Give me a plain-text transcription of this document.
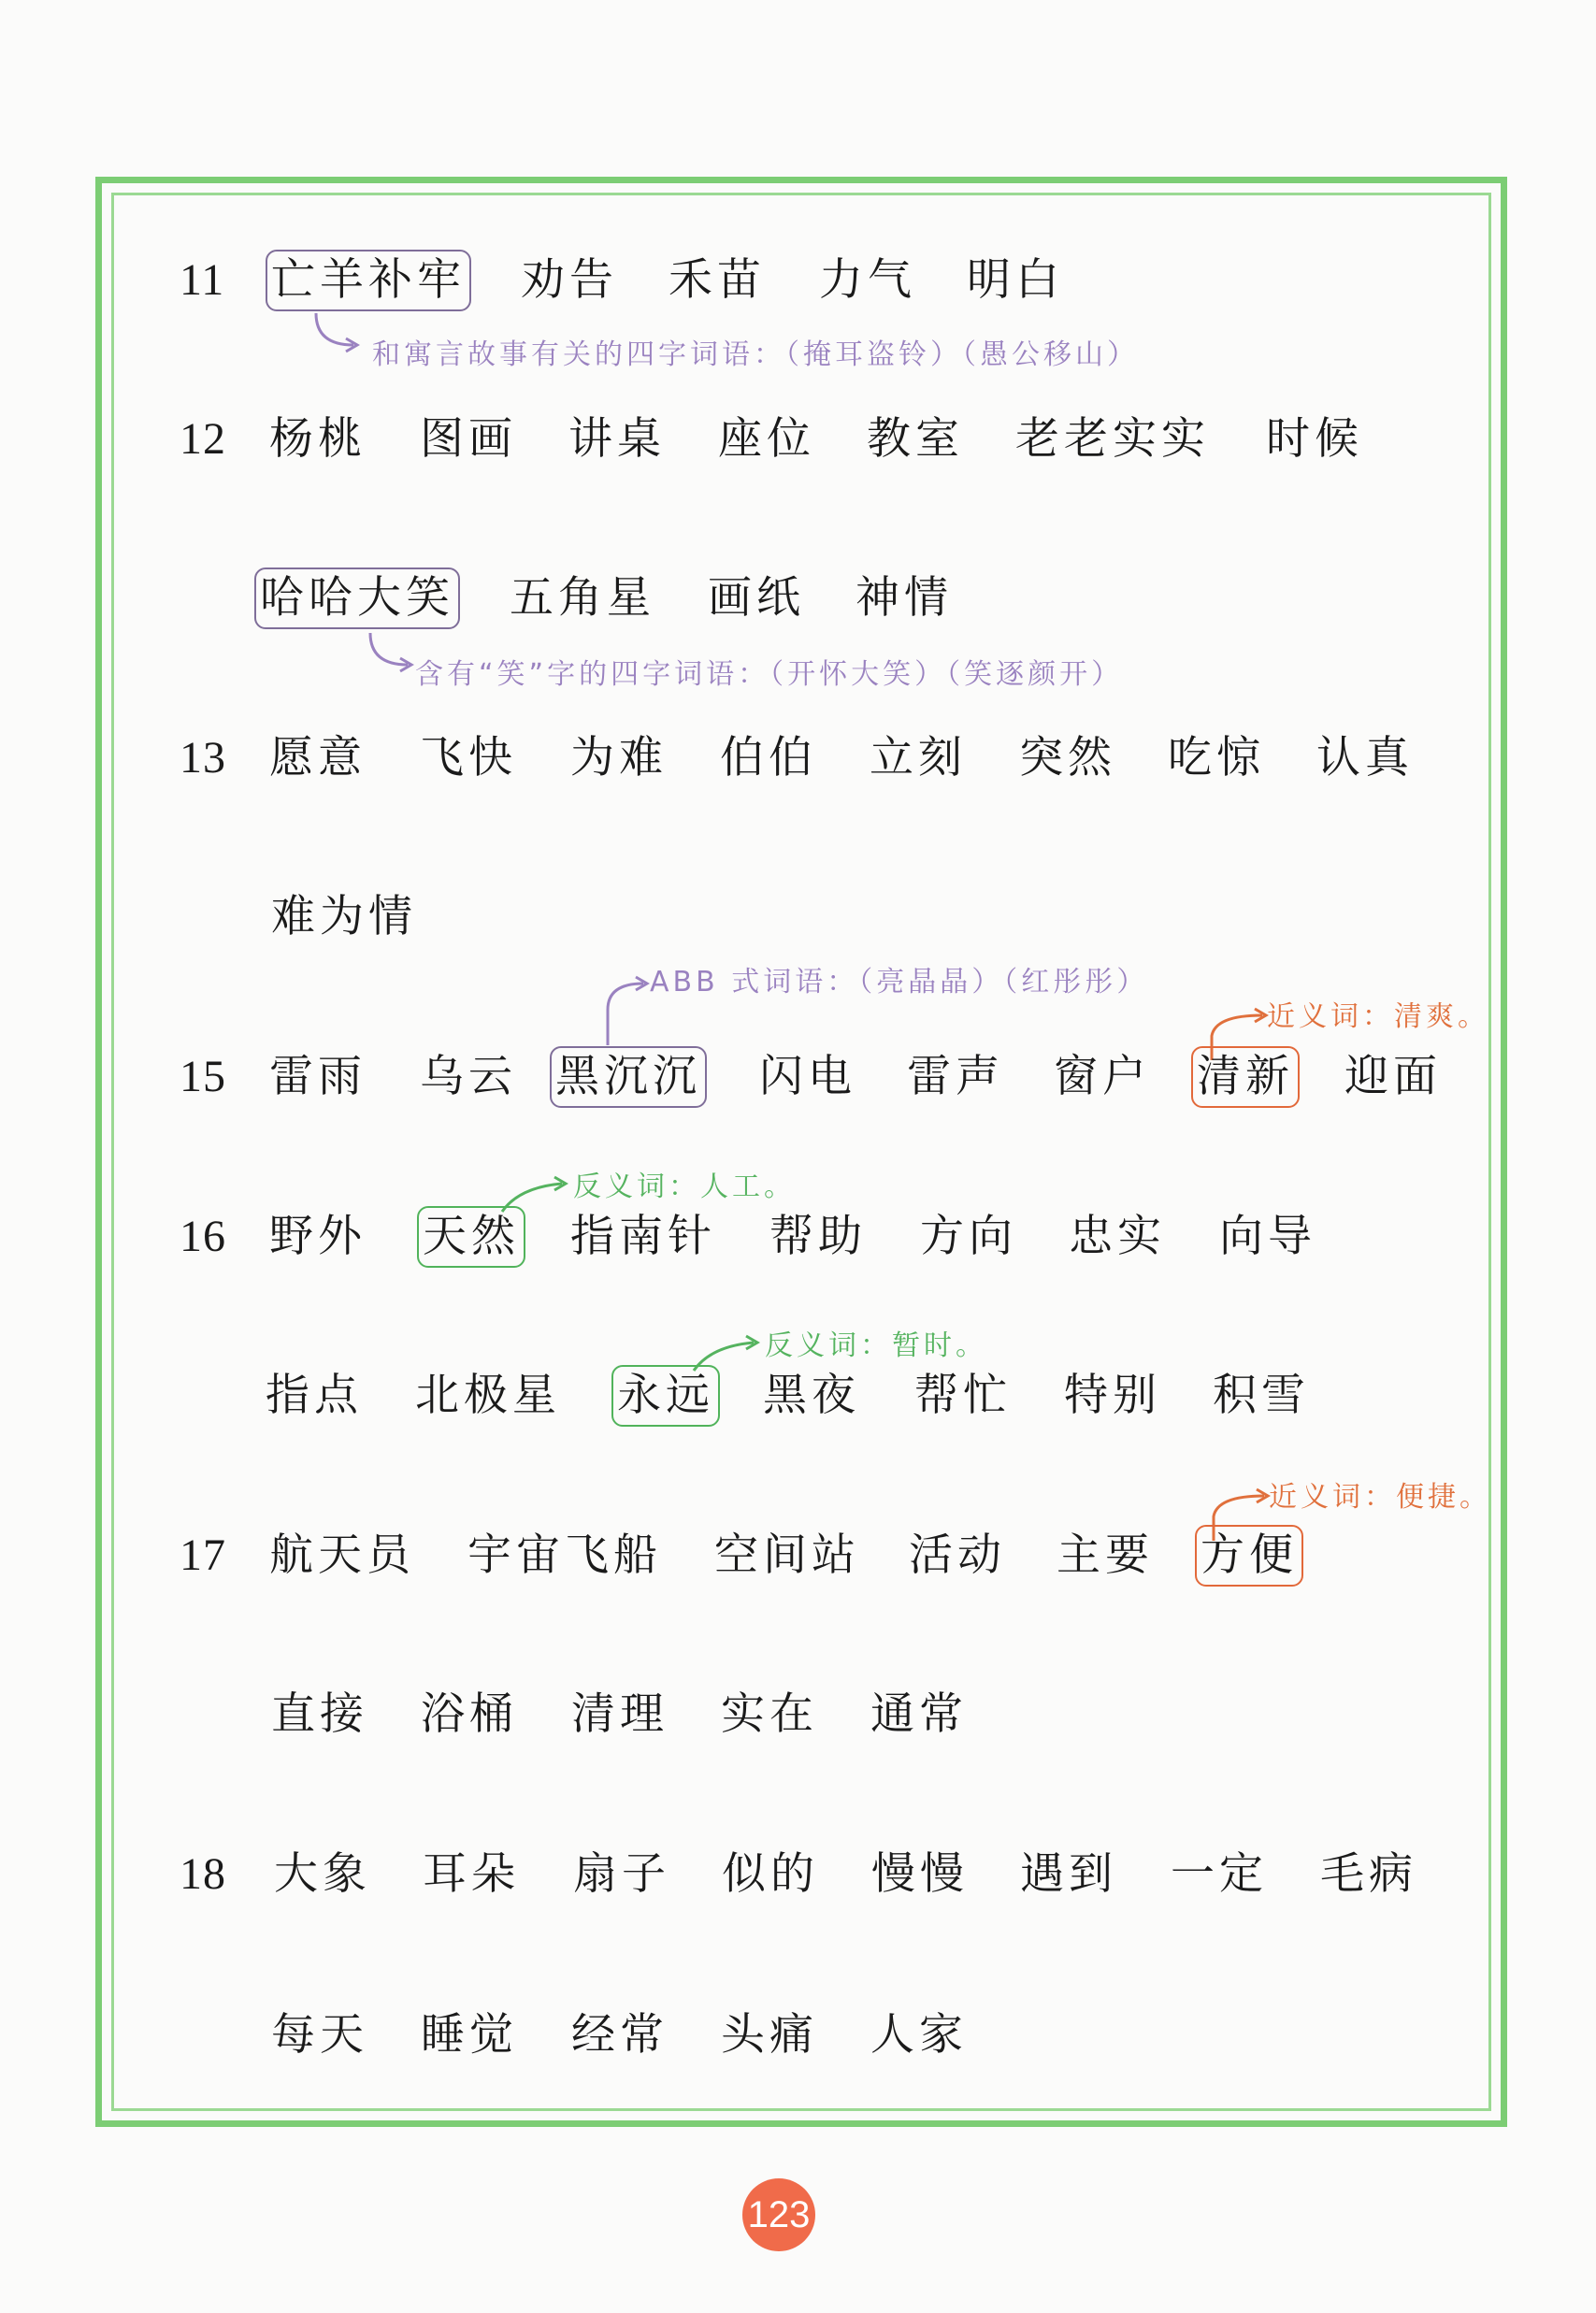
11 亡羊补牢 劝告 禾苗 力气 明白
和寓言故事有关的四字词语：（掩耳盗铃）（愚公移山）
12 杨桃 图画 讲桌 座位 教室 老老实实 时候
哈哈大笑 五角星 画纸 神情
含有“笑”字的四字词语：（开怀大笑）（笑逐颜开）
13 愿意 飞快 为难 伯伯 立刻 突然 吃惊 认真
难为情
ABB 式词语：（亮晶晶）（红彤彤）
近义词：清爽。
15 雷雨 乌云 黑沉沉 闪电 雷声 窗户 清新 迎面
反义词：人工。
16 野外 天然 指南针 帮助 方向 忠实 向导
反义词：暂时。
指点 北极星 永远 黑夜 帮忙 特别 积雪
近义词：便捷。
17 航天员 宇宙飞船 空间站 活动 主要 方便
直接 浴桶 清理 实在 通常
18 大象 耳朵 扇子 似的 慢慢 遇到 一定 毛病
每天 睡觉 经常 头痛 人家
123
